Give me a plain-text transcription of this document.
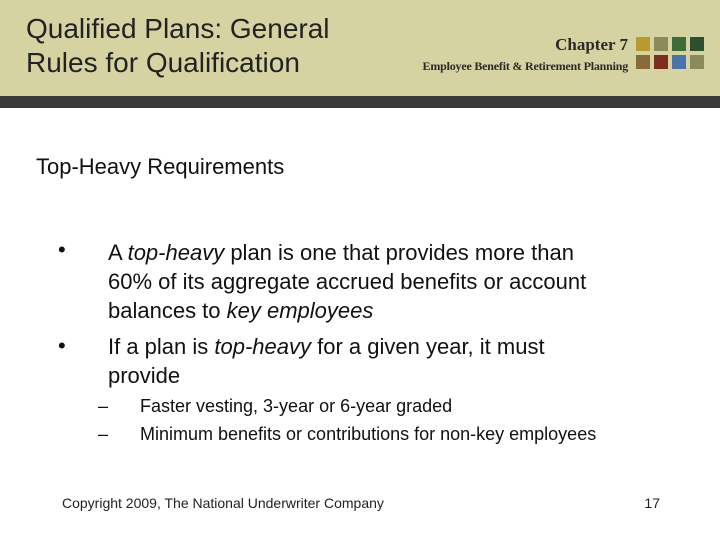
Qualified Plans: General
Rules for Qualification
Chapter 7
Employee Benefit & Retirement Planning
Top-Heavy Requirements
• A top-heavy plan is one that provides more than
60% of its aggregate accrued benefits or account
balances to key employees
• If a plan is top-heavy for a given year, it must
provide
– Faster vesting, 3-year or 6-year graded
– Minimum benefits or contributions for non-key employees
Copyright 2009, The National Underwriter Company	17
